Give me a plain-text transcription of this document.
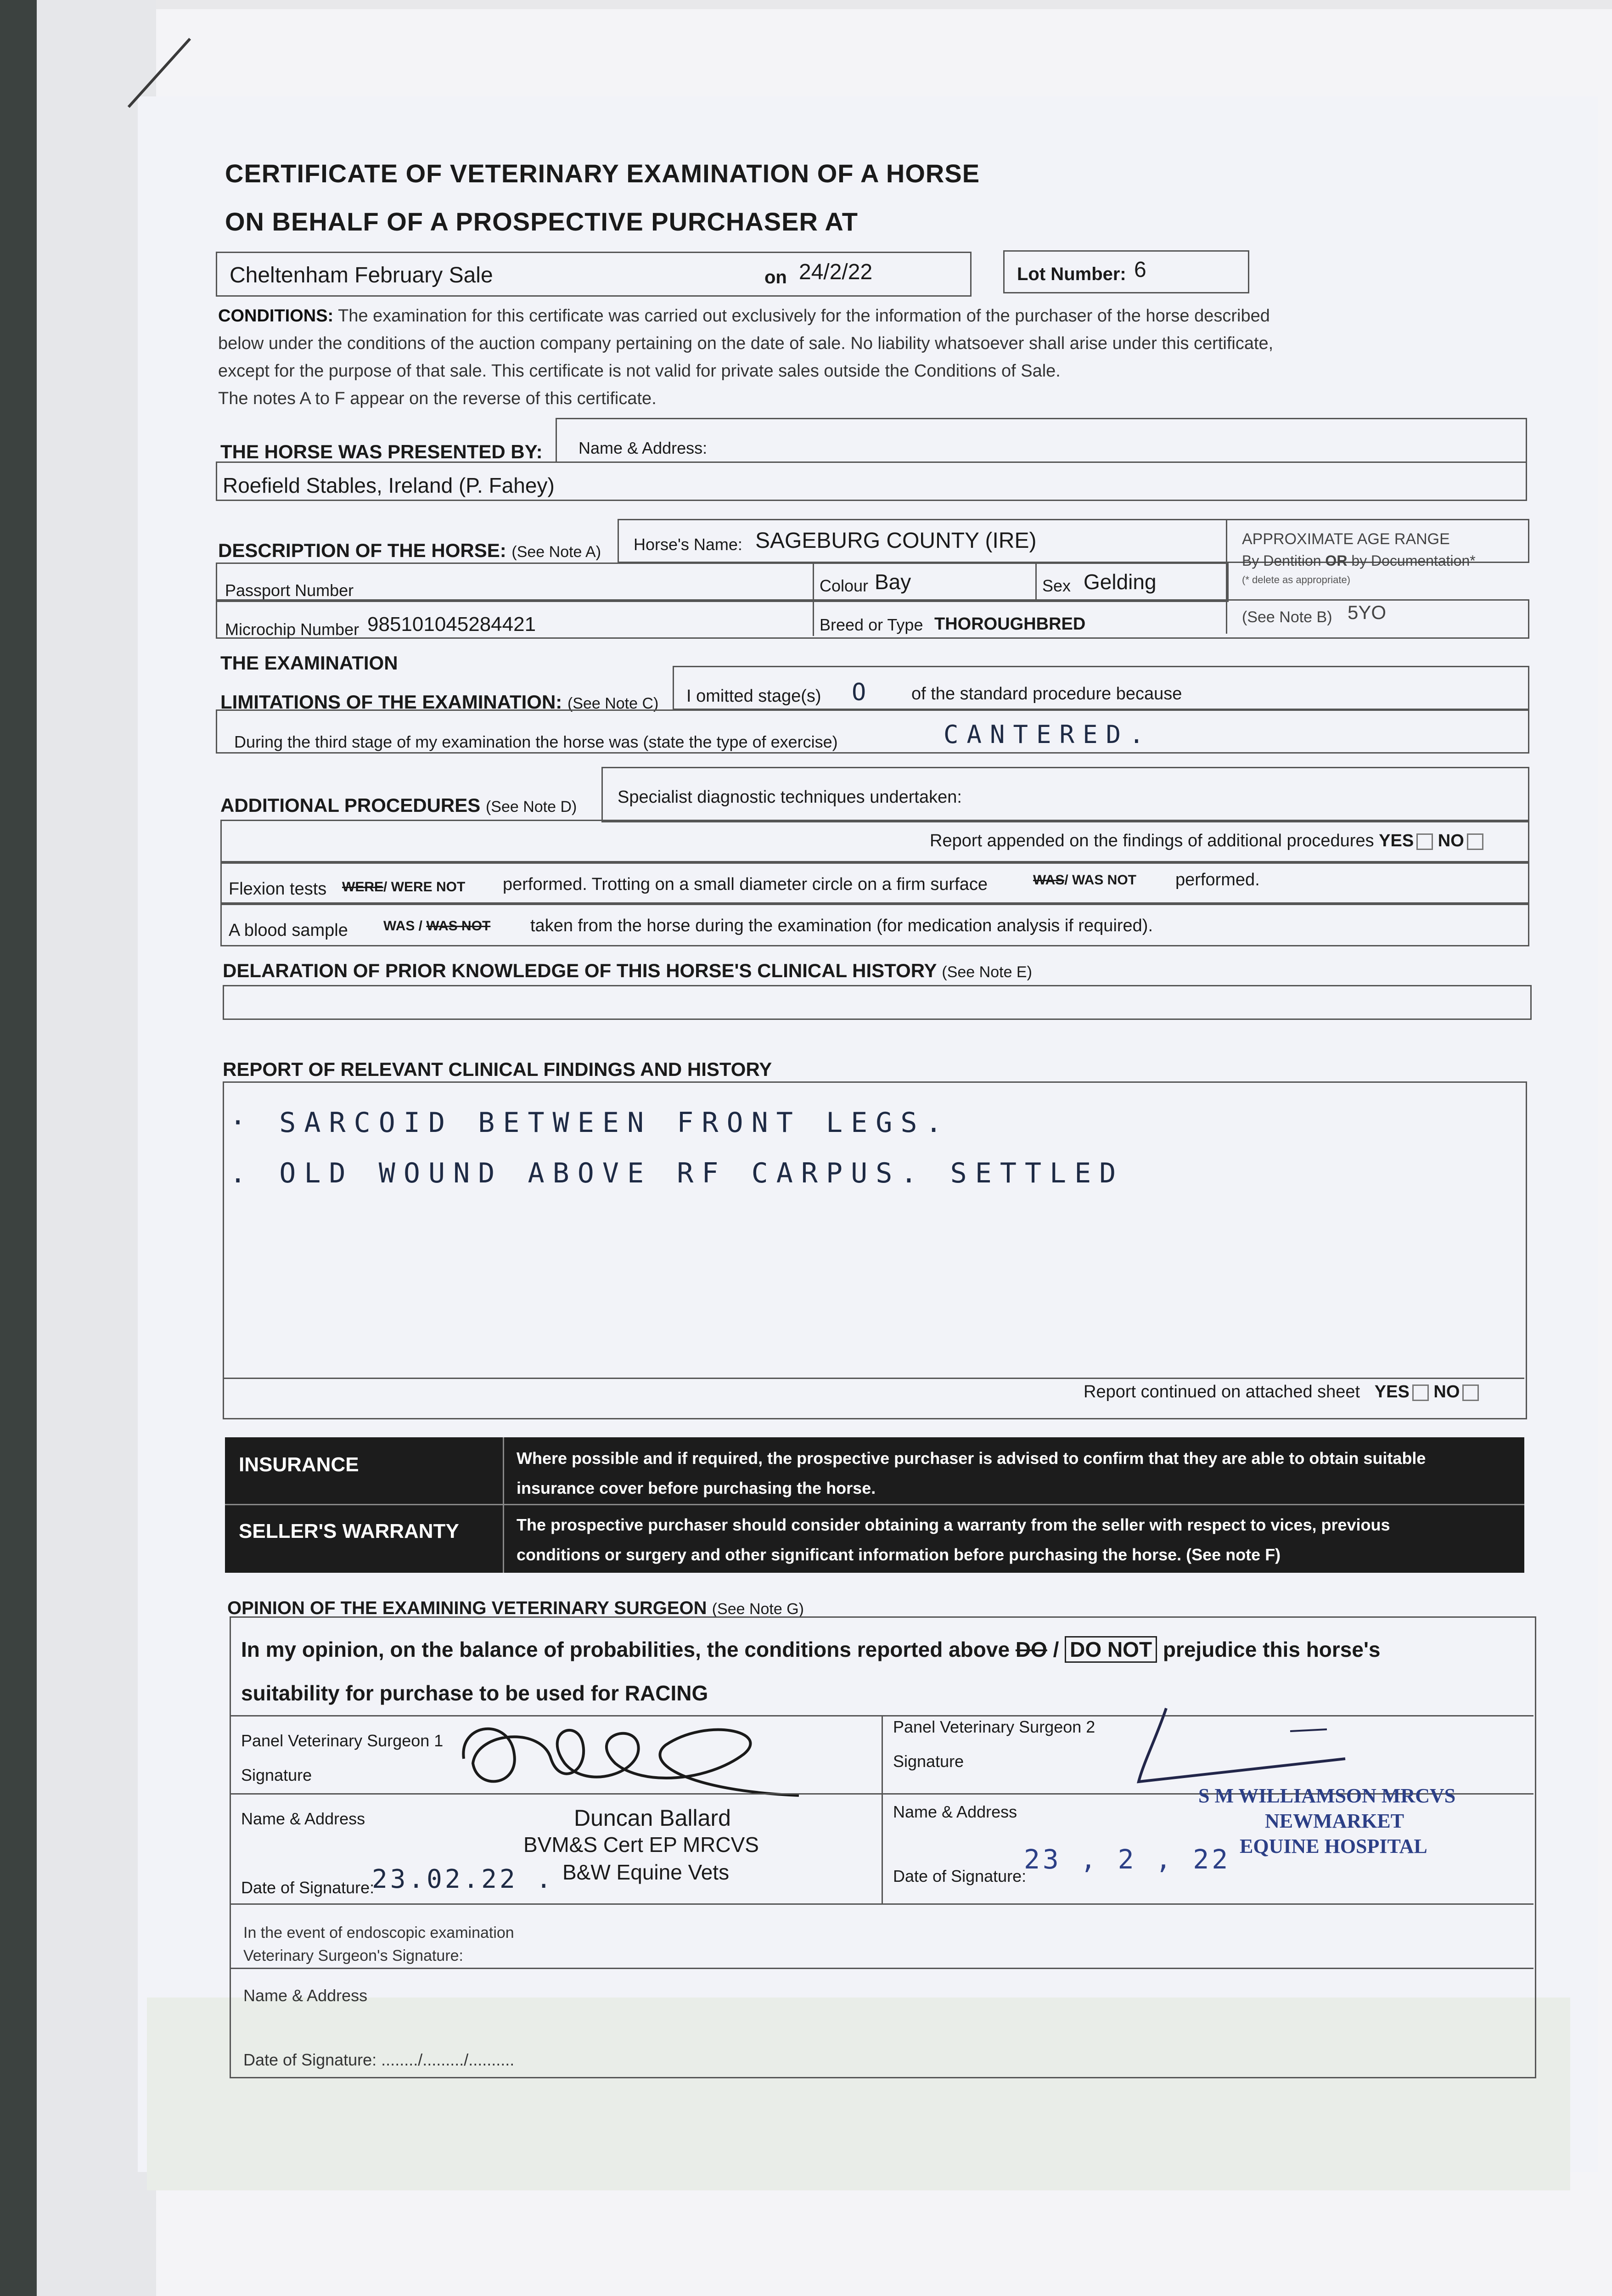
CERTIFICATE OF VETERINARY EXAMINATION OF A HORSE
ON BEHALF OF A PROSPECTIVE PURCHASER AT
Cheltenham February Sale	on 24/2/22	Lot Number: 6
CONDITIONS: The examination for this certificate was carried out exclusively for the information of the purchaser of the horse described
below under the conditions of the auction company pertaining on the date of sale. No liability whatsoever shall arise under this certificate,
except for the purpose of that sale. This certificate is not valid for private sales outside the Conditions of Sale.
The notes A to F appear on the reverse of this certificate.
THE HORSE WAS PRESENTED BY: Name & Address:
Roefield Stables, Ireland (P. Fahey)
DESCRIPTION OF THE HORSE: (See Note A) Horse's Name: SAGEBURG COUNTY (IRE)	APPROXIMATE AGE RANGE
By Dentition OR by Documentation*
(* delete as appropriate)
(See Note B) 5YO
Passport Number	Colour Bay	Sex Gelding
Microchip Number 985101045284421	Breed or Type THOROUGHBRED
THE EXAMINATION
LIMITATIONS OF THE EXAMINATION: (See Note C) I omitted stage(s) O of the standard procedure because
During the third stage of my examination the horse was (state the type of exercise)	CANTERED.
ADDITIONAL PROCEDURES (See Note D) Specialist diagnostic techniques undertaken:
Report appended on the findings of additional procedures YES NO
Flexion tests WERE/ WERE NOT performed. Trotting on a small diameter circle on a firm surface	WAS/ WAS NOT performed.
A blood sample	WAS / WAS NOT taken from the horse during the examination (for medication analysis if required).
DELARATION OF PRIOR KNOWLEDGE OF THIS HORSE'S CLINICAL HISTORY (See Note E)
REPORT OF RELEVANT CLINICAL FINDINGS AND HISTORY
· SARCOID BETWEEN FRONT LEGS.
. OLD WOUND ABOVE RF CARPUS. SETTLED
Report continued on attached sheet YES NO
INSURANCE	Where possible and if required, the prospective purchaser is advised to confirm that they are able to obtain suitable
insurance cover before purchasing the horse.
SELLER'S WARRANTY	The prospective purchaser should consider obtaining a warranty from the seller with respect to vices, previous
conditions or surgery and other significant information before purchasing the horse. (See note F)
OPINION OF THE EXAMINING VETERINARY SURGEON (See Note G)
In my opinion, on the balance of probabilities, the conditions reported above DO / DO NOT prejudice this horse's
suitability for purchase to be used for RACING
Panel Veterinary Surgeon 1
Signature
Name & Address	Duncan Ballard
BVM&S Cert EP MRCVS
B&W Equine Vets
Date of Signature:
23.02.22 .
Panel Veterinary Surgeon 2
Signature
Name & Address
S M WILLIAMSON MRCVS
NEWMARKET
EQUINE HOSPITAL
Date of Signature:
23 , 2 , 22
In the event of endoscopic examination
Veterinary Surgeon's Signature:
Name & Address
Date of Signature: ......../........./..........
